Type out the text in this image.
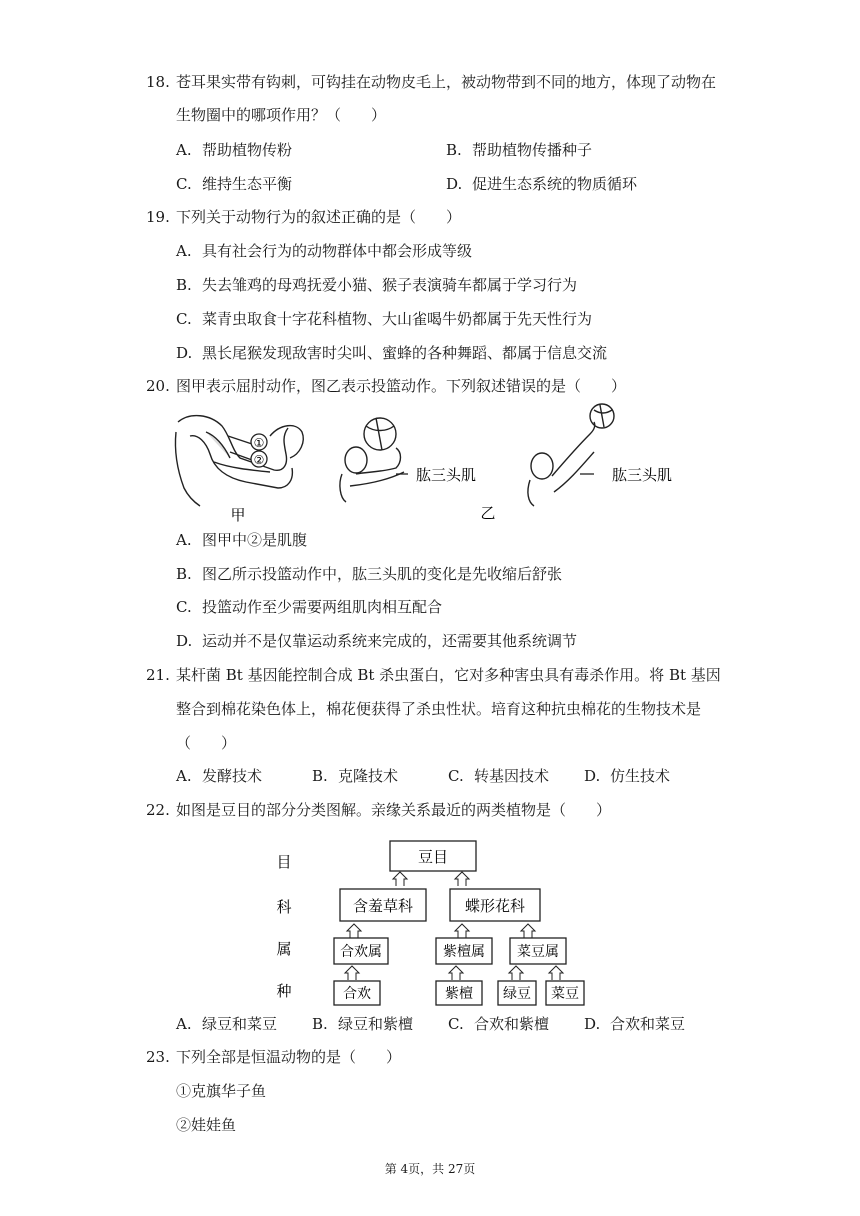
18. 苍耳果实带有钩刺，可钩挂在动物皮毛上，被动物带到不同的地方，体现了动物在
生物圈中的哪项作用？（　　）
A. 帮助植物传粉	B. 帮助植物传播种子
C. 维持生态平衡	D. 促进生态系统的物质循环
19. 下列关于动物行为的叙述正确的是（　　）
A. 具有社会行为的动物群体中都会形成等级
B. 失去雏鸡的母鸡抚爱小猫、猴子表演骑车都属于学习行为
C. 菜青虫取食十字花科植物、大山雀喝牛奶都属于先天性行为
D. 黑长尾猴发现敌害时尖叫、蜜蜂的各种舞蹈、都属于信息交流
20. 图甲表示屈肘动作，图乙表示投篮动作。下列叙述错误的是（　　）
①
②
甲
肱三头肌
乙
肱三头肌
A. 图甲中②是肌腹
B. 图乙所示投篮动作中，肱三头肌的变化是先收缩后舒张
C. 投篮动作至少需要两组肌肉相互配合
D. 运动并不是仅靠运动系统来完成的，还需要其他系统调节
21. 某杆菌 Bt 基因能控制合成 Bt 杀虫蛋白，它对多种害虫具有毒杀作用。将 Bt 基因
整合到棉花染色体上，棉花便获得了杀虫性状。培育这种抗虫棉花的生物技术是
（　　）
A. 发酵技术	B. 克隆技术	C. 转基因技术 D. 仿生技术
22. 如图是豆目的部分分类图解。亲缘关系最近的两类植物是（　　）
目
科
属
种
豆目
含羞草科	蝶形花科
合欢属	紫檀属 菜豆属
合欢	紫檀 绿豆 菜豆
A. 绿豆和菜豆 B. 绿豆和紫檀 C. 合欢和紫檀 D. 合欢和菜豆
23. 下列全部是恒温动物的是（　　）
①克旗华子鱼
②娃娃鱼
第 4页，共 27页
